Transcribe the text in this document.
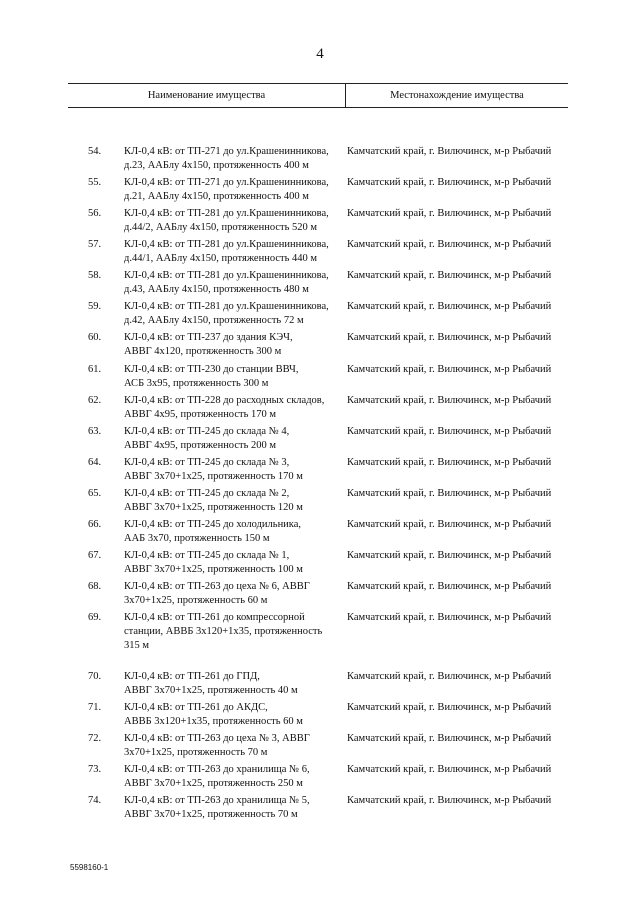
4
Наименование имущества	Местонахождение имущества
54. КЛ-0,4 кВ: от ТП-271 до ул.Крашенинникова,
д.23, ААБлу 4х150, протяженность 400 м
Камчатский край, г. Вилючинск, м-р Рыбачий
55. КЛ-0,4 кВ: от ТП-271 до ул.Крашенинникова,
д.21, ААБлу 4х150, протяженность 400 м
Камчатский край, г. Вилючинск, м-р Рыбачий
56. КЛ-0,4 кВ: от ТП-281 до ул.Крашенинникова,
д.44/2, ААБлу 4х150, протяженность 520 м
Камчатский край, г. Вилючинск, м-р Рыбачий
57. КЛ-0,4 кВ: от ТП-281 до ул.Крашенинникова,
д.44/1, ААБлу 4х150, протяженность 440 м
Камчатский край, г. Вилючинск, м-р Рыбачий
58. КЛ-0,4 кВ: от ТП-281 до ул.Крашенинникова,
д.43, ААБлу 4х150, протяженность 480 м
Камчатский край, г. Вилючинск, м-р Рыбачий
59. КЛ-0,4 кВ: от ТП-281 до ул.Крашенинникова,
д.42, ААБлу 4х150, протяженность 72 м
Камчатский край, г. Вилючинск, м-р Рыбачий
60. КЛ-0,4 кВ: от ТП-237 до здания КЭЧ,
АВВГ 4х120, протяженность 300 м
Камчатский край, г. Вилючинск, м-р Рыбачий
61. КЛ-0,4 кВ: от ТП-230 до станции ВВЧ,
АСБ 3х95, протяженность 300 м
Камчатский край, г. Вилючинск, м-р Рыбачий
62. КЛ-0,4 кВ: от ТП-228 до расходных складов,
АВВГ 4х95, протяженность 170 м
Камчатский край, г. Вилючинск, м-р Рыбачий
63. КЛ-0,4 кВ: от ТП-245 до склада № 4,
АВВГ 4х95, протяженность 200 м
Камчатский край, г. Вилючинск, м-р Рыбачий
64. КЛ-0,4 кВ: от ТП-245 до склада № 3,
АВВГ 3х70+1х25, протяженность 170 м
Камчатский край, г. Вилючинск, м-р Рыбачий
65. КЛ-0,4 кВ: от ТП-245 до склада № 2,
АВВГ 3х70+1х25, протяженность 120 м
Камчатский край, г. Вилючинск, м-р Рыбачий
66. КЛ-0,4 кВ: от ТП-245 до холодильника,
ААБ 3х70, протяженность 150 м
Камчатский край, г. Вилючинск, м-р Рыбачий
67. КЛ-0,4 кВ: от ТП-245 до склада № 1,
АВВГ 3х70+1х25, протяженность 100 м
Камчатский край, г. Вилючинск, м-р Рыбачий
68. КЛ-0,4 кВ: от ТП-263 до цеха № 6, АВВГ
3х70+1х25, протяженность 60 м
Камчатский край, г. Вилючинск, м-р Рыбачий
69. КЛ-0,4 кВ: от ТП-261 до компрессорной
станции, АВВБ 3х120+1х35, протяженность
315 м
Камчатский край, г. Вилючинск, м-р Рыбачий
70. КЛ-0,4 кВ: от ТП-261 до ГПД,
АВВГ 3х70+1х25, протяженность 40 м
Камчатский край, г. Вилючинск, м-р Рыбачий
71. КЛ-0,4 кВ: от ТП-261 до АКДС,
АВВБ 3х120+1х35, протяженность 60 м
Камчатский край, г. Вилючинск, м-р Рыбачий
72. КЛ-0,4 кВ: от ТП-263 до цеха № 3, АВВГ
3х70+1х25, протяженность 70 м
Камчатский край, г. Вилючинск, м-р Рыбачий
73. КЛ-0,4 кВ: от ТП-263 до хранилища № 6,
АВВГ 3х70+1х25, протяженность 250 м
Камчатский край, г. Вилючинск, м-р Рыбачий
74. КЛ-0,4 кВ: от ТП-263 до хранилища № 5,
АВВГ 3х70+1х25, протяженность 70 м
Камчатский край, г. Вилючинск, м-р Рыбачий
5598160-1
